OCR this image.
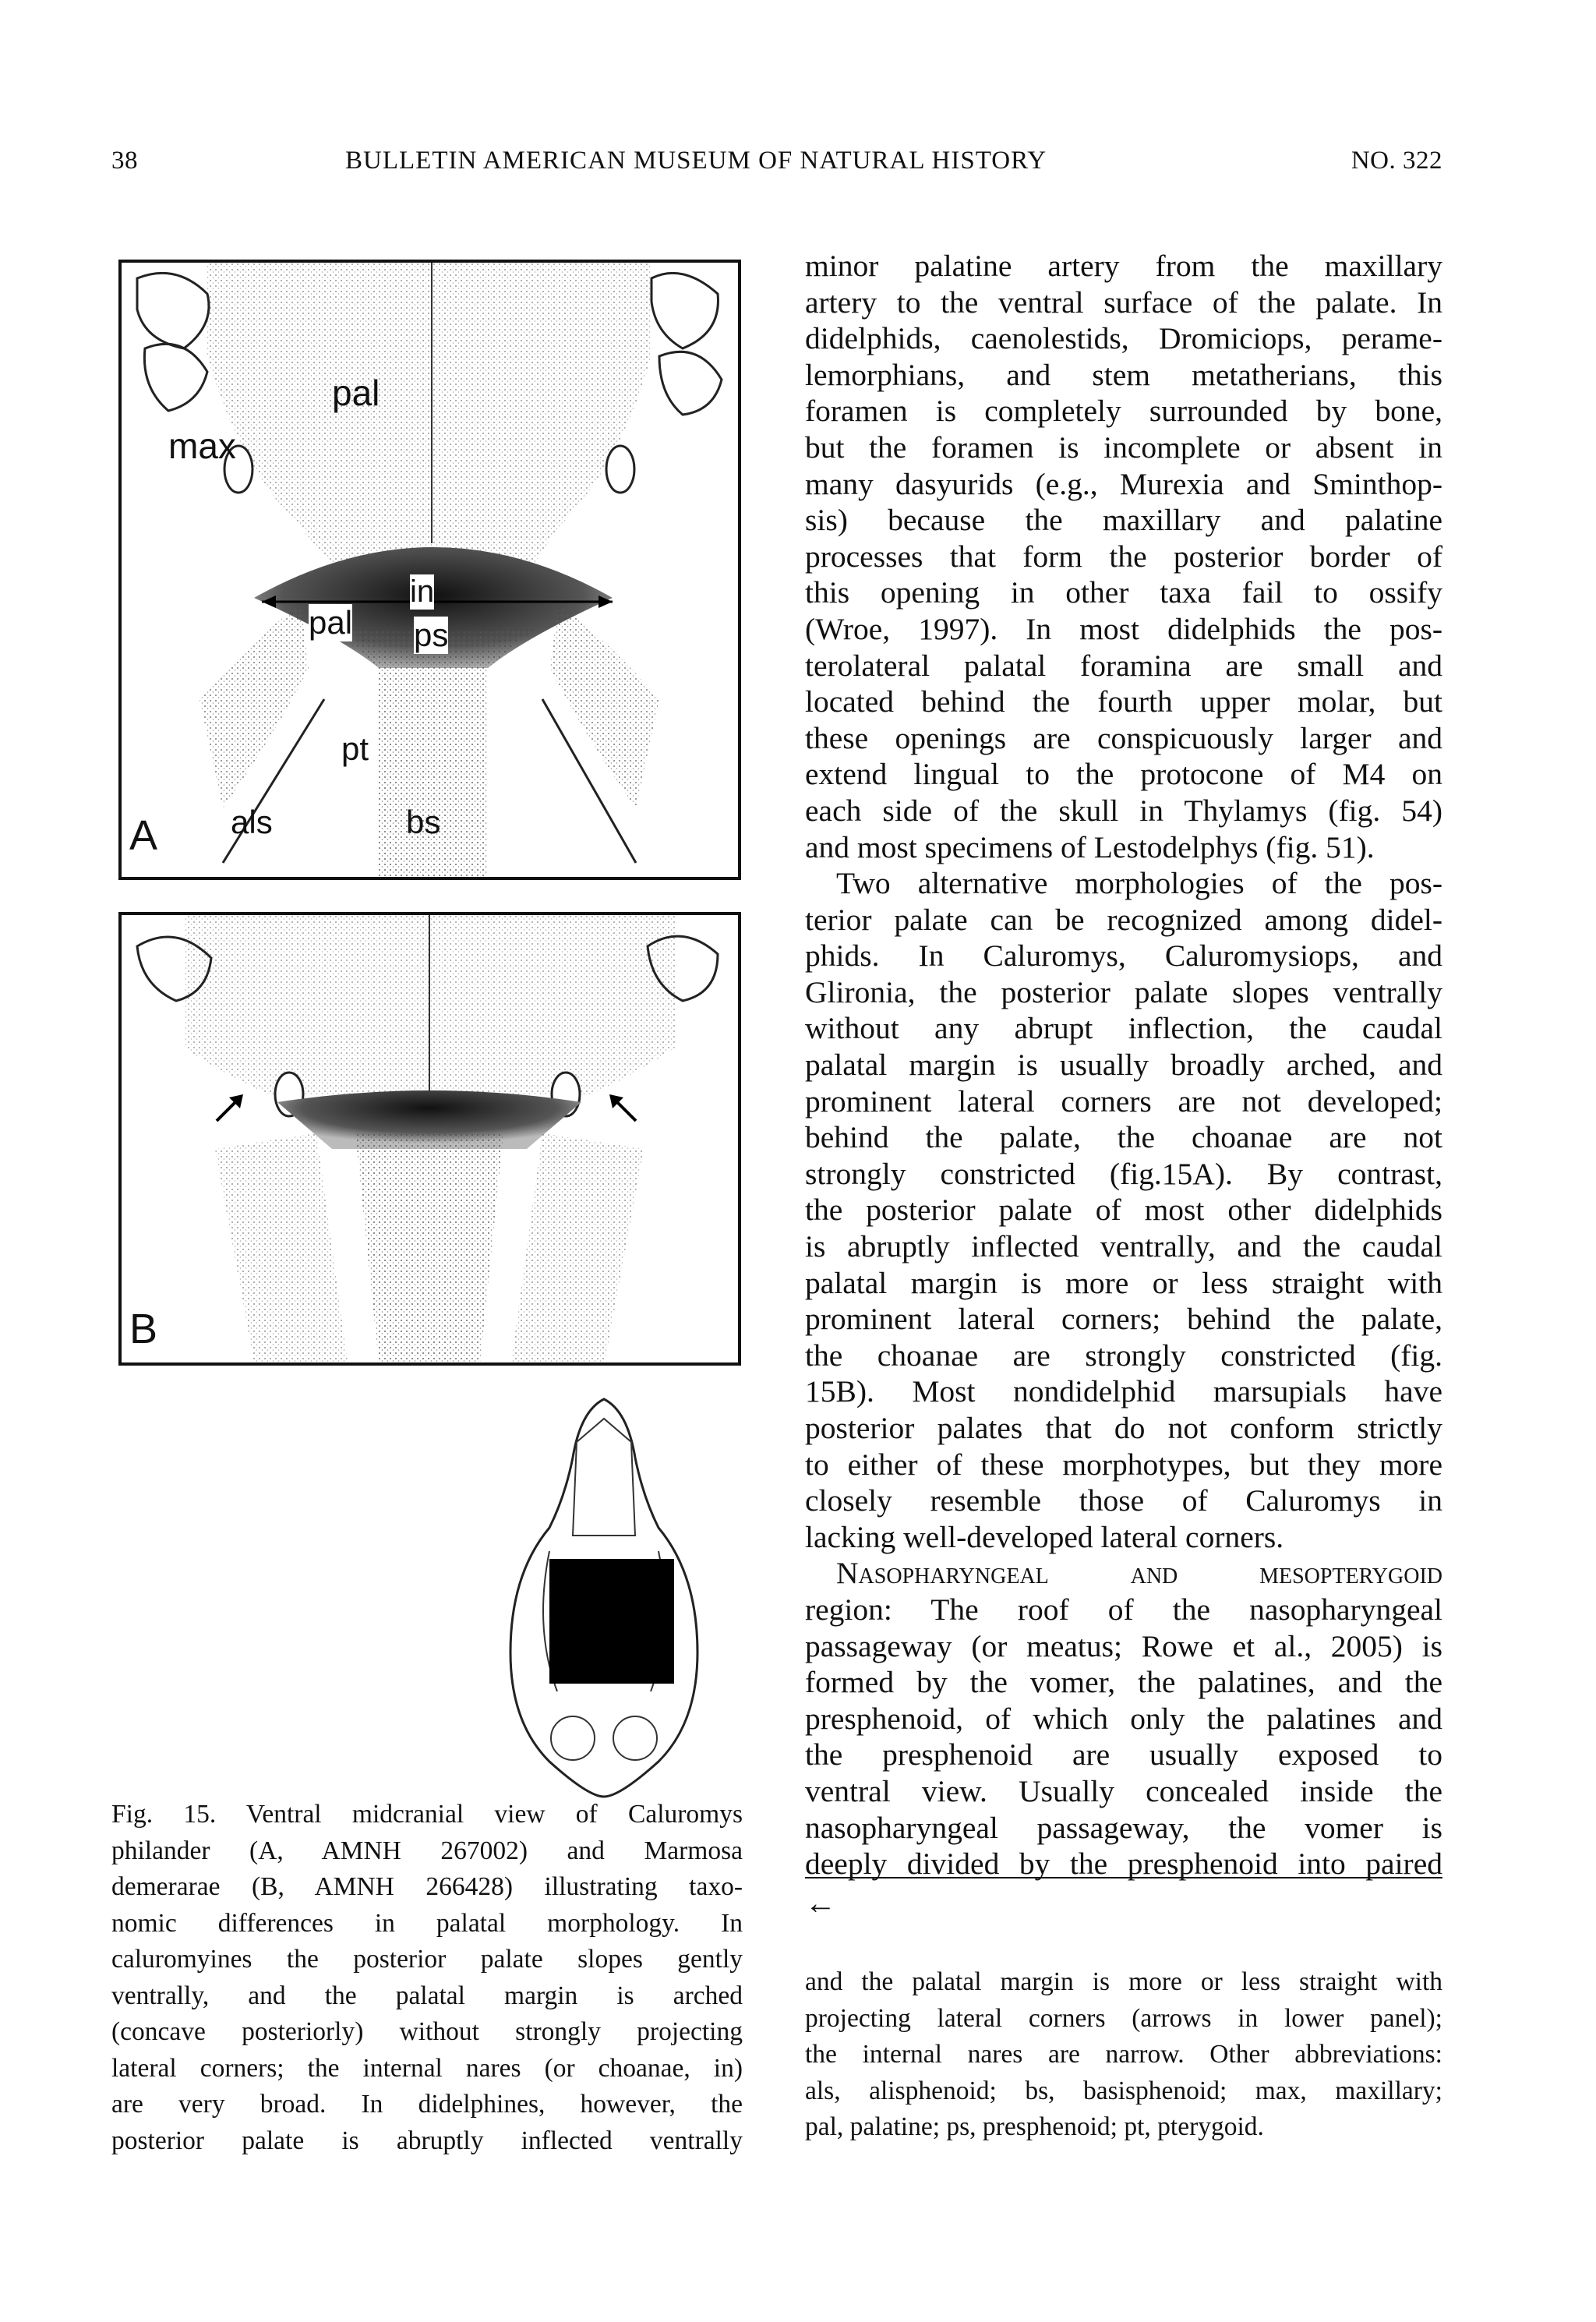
38	BULLETIN AMERICAN MUSEUM OF NATURAL HISTORY	NO. 322
pal
max
in
pal ps
pt
als	bs
A
B
Fig. 15. Ventral midcranial view of Caluromys
philander (A, AMNH 267002) and Marmosa
demerarae (B, AMNH 266428) illustrating taxo-
nomic differences in palatal morphology. In
caluromyines the posterior palate slopes gently
ventrally, and the palatal margin is arched
(concave posteriorly) without strongly projecting
lateral corners; the internal nares (or choanae, in)
are very broad. In didelphines, however, the
posterior palate is abruptly inflected ventrally
minor palatine artery from the maxillary
artery to the ventral surface of the palate. In
didelphids, caenolestids, Dromiciops, perame-
lemorphians, and stem metatherians, this
foramen is completely surrounded by bone,
but the foramen is incomplete or absent in
many dasyurids (e.g., Murexia and Sminthop-
sis) because the maxillary and palatine
processes that form the posterior border of
this opening in other taxa fail to ossify
(Wroe, 1997). In most didelphids the pos-
terolateral palatal foramina are small and
located behind the fourth upper molar, but
these openings are conspicuously larger and
extend lingual to the protocone of M4 on
each side of the skull in Thylamys (fig. 54)
and most specimens of Lestodelphys (fig. 51).
Two alternative morphologies of the pos-
terior palate can be recognized among didel-
phids. In Caluromys, Caluromysiops, and
Glironia, the posterior palate slopes ventrally
without any abrupt inflection, the caudal
palatal margin is usually broadly arched, and
prominent lateral corners are not developed;
behind the palate, the choanae are not
strongly constricted (fig.15A). By contrast,
the posterior palate of most other didelphids
is abruptly inflected ventrally, and the caudal
palatal margin is more or less straight with
prominent lateral corners; behind the palate,
the choanae are strongly constricted (fig.
15B). Most nondidelphid marsupials have
posterior palates that do not conform strictly
to either of these morphotypes, but they more
closely resemble those of Caluromys in
lacking well-developed lateral corners.
Nasopharyngeal and mesopterygoid
region: The roof of the nasopharyngeal
passageway (or meatus; Rowe et al., 2005) is
formed by the vomer, the palatines, and the
presphenoid, of which only the palatines and
the presphenoid are usually exposed to
ventral view. Usually concealed inside the
nasopharyngeal passageway, the vomer is
deeply divided by the presphenoid into paired
←
and the palatal margin is more or less straight with
projecting lateral corners (arrows in lower panel);
the internal nares are narrow. Other abbreviations:
als, alisphenoid; bs, basisphenoid; max, maxillary;
pal, palatine; ps, presphenoid; pt, pterygoid.
